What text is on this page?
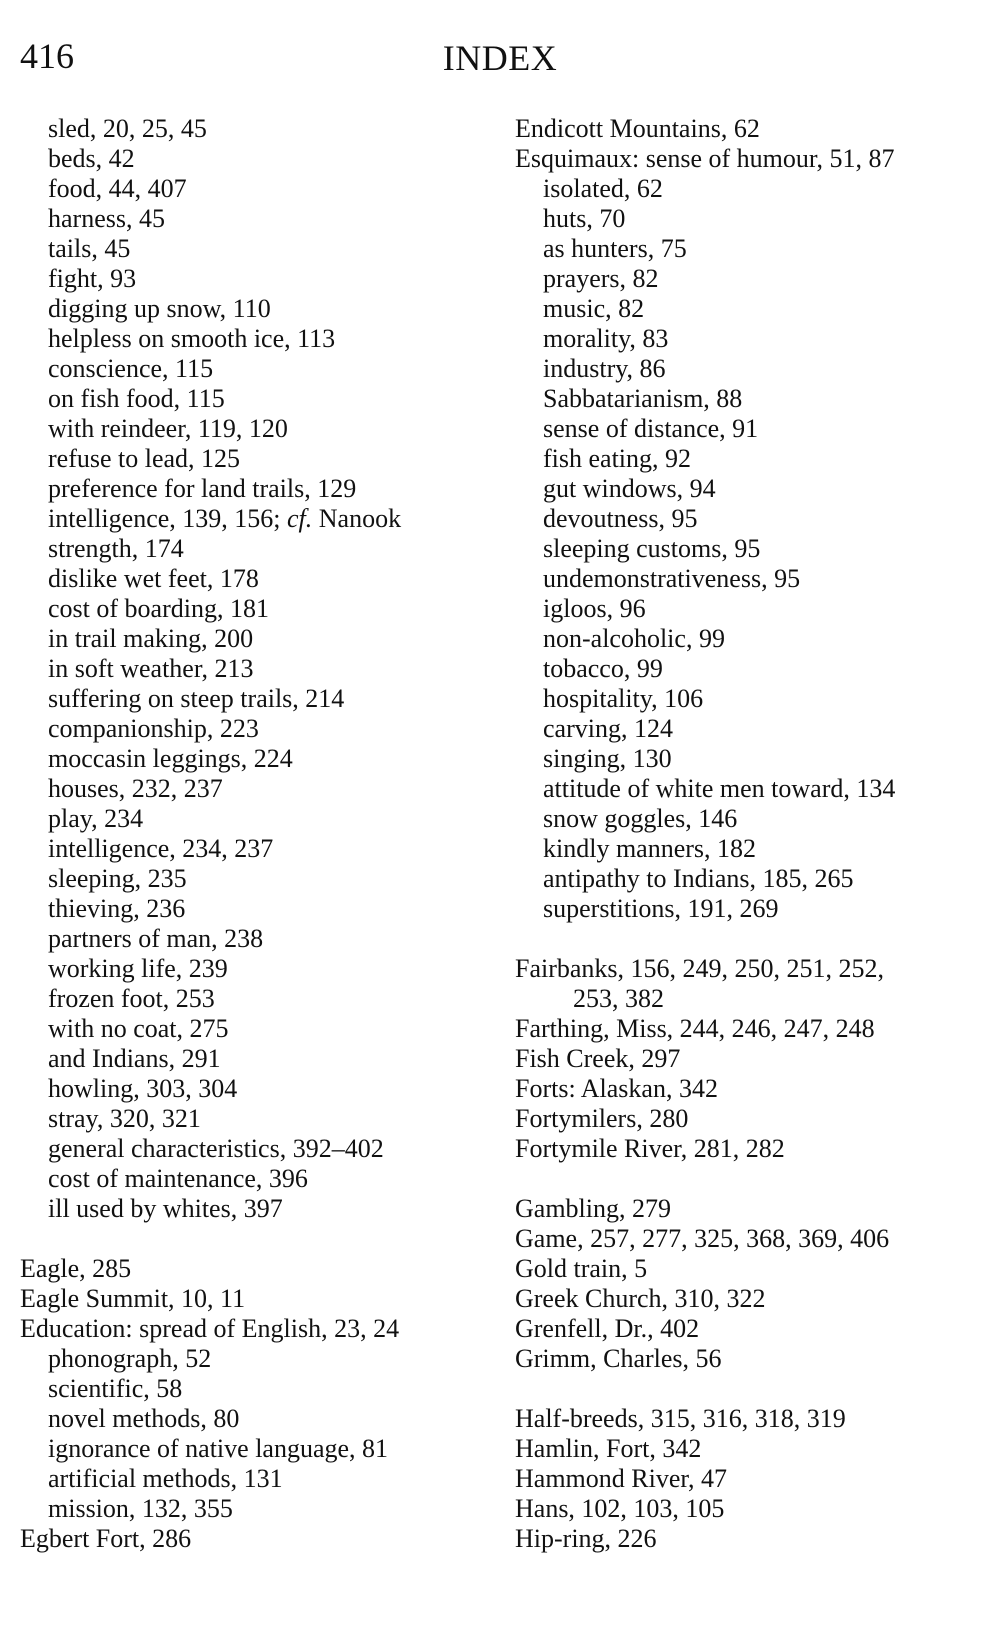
416	INDEX
sled, 20, 25, 45
beds, 42
food, 44, 407
harness, 45
tails, 45
fight, 93
digging up snow, 110
helpless on smooth ice, 113
conscience, 115
on fish food, 115
with reindeer, 119, 120
refuse to lead, 125
preference for land trails, 129
intelligence, 139, 156; cf. Nanook
strength, 174
dislike wet feet, 178
cost of boarding, 181
in trail making, 200
in soft weather, 213
suffering on steep trails, 214
companionship, 223
moccasin leggings, 224
houses, 232, 237
play, 234
intelligence, 234, 237
sleeping, 235
thieving, 236
partners of man, 238
working life, 239
frozen foot, 253
with no coat, 275
and Indians, 291
howling, 303, 304
stray, 320, 321
general characteristics, 392–402
cost of maintenance, 396
ill used by whites, 397
Eagle, 285
Eagle Summit, 10, 11
Education: spread of English, 23, 24
phonograph, 52
scientific, 58
novel methods, 80
ignorance of native language, 81
artificial methods, 131
mission, 132, 355
Egbert Fort, 286
Endicott Mountains, 62
Esquimaux: sense of humour, 51, 87
isolated, 62
huts, 70
as hunters, 75
prayers, 82
music, 82
morality, 83
industry, 86
Sabbatarianism, 88
sense of distance, 91
fish eating, 92
gut windows, 94
devoutness, 95
sleeping customs, 95
undemonstrativeness, 95
igloos, 96
non-alcoholic, 99
tobacco, 99
hospitality, 106
carving, 124
singing, 130
attitude of white men toward, 134
snow goggles, 146
kindly manners, 182
antipathy to Indians, 185, 265
superstitions, 191, 269
Fairbanks, 156, 249, 250, 251, 252,
253, 382
Farthing, Miss, 244, 246, 247, 248
Fish Creek, 297
Forts: Alaskan, 342
Fortymilers, 280
Fortymile River, 281, 282
Gambling, 279
Game, 257, 277, 325, 368, 369, 406
Gold train, 5
Greek Church, 310, 322
Grenfell, Dr., 402
Grimm, Charles, 56
Half-breeds, 315, 316, 318, 319
Hamlin, Fort, 342
Hammond River, 47
Hans, 102, 103, 105
Hip-ring, 226
